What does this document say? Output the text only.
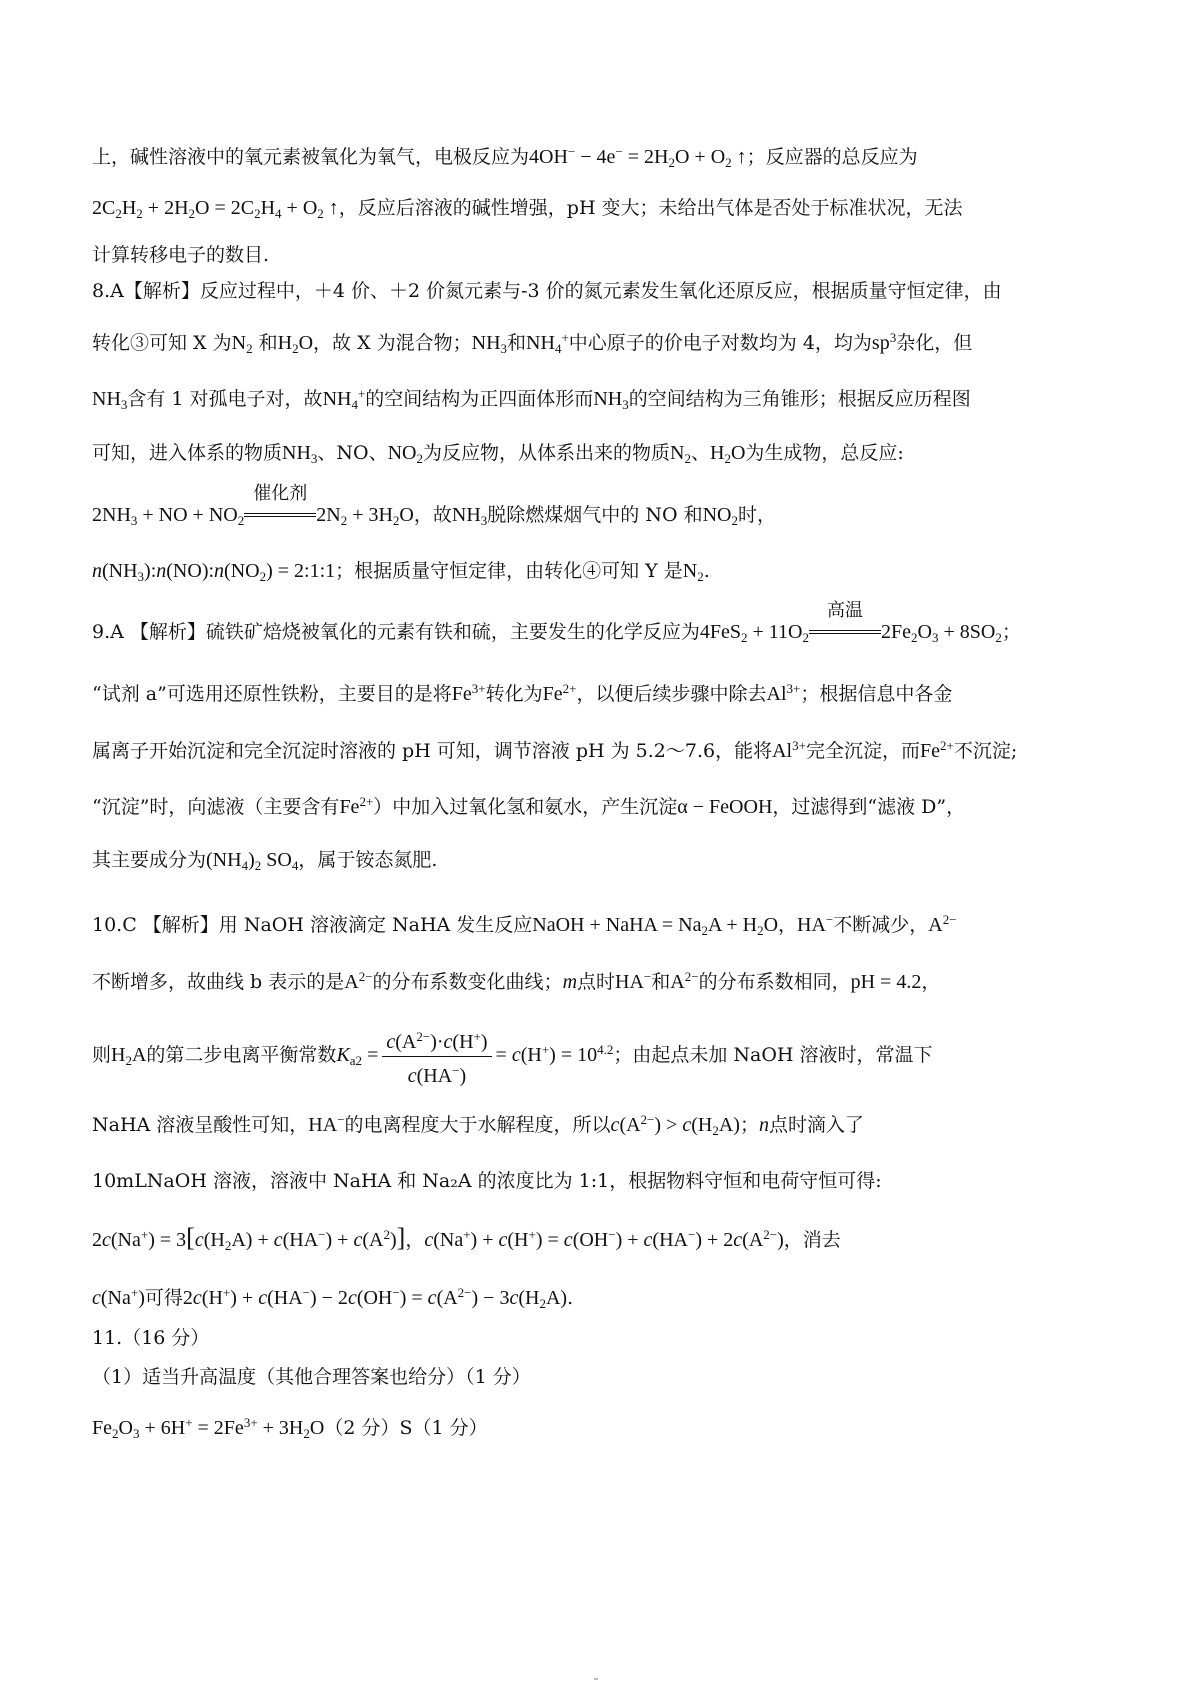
上，碱性溶液中的氧元素被氧化为氧气，电极反应为$4OH^- - 4e^- = 2H_2O + O_2$ ↑；反应器的总反应为
$2C_2H_2 + 2H_2O = 2C_2H_4 + O_2$ ↑，反应后溶液的碱性增强，pH 变大；未给出气体是否处于标准状况，无法
计算转移电子的数目.
8.A【解析】反应过程中，＋4 价、＋2 价氮元素与-3 价的氮元素发生氧化还原反应，根据质量守恒定律，由
转化③可知 X 为$N_2$ 和$H_2O$，故 X 为混合物；$NH_3$和$NH_4^+$中心原子的价电子对数均为 4，均为$sp^3$杂化，但
$NH_3$含有 1 对孤电子对，故$NH_4^+$的空间结构为正四面体形而$NH_3$的空间结构为三角锥形；根据反应历程图
可知，进入体系的物质$NH_3$、NO、$NO_2$为反应物，从体系出来的物质$N_2$、$H_2O$为生成物，总反应:
$2NH_3$ + NO + $NO_2$
催化剂
$2N_2 + 3H_2O$，故$NH_3$脱除燃煤烟气中的 NO 和$NO_2$时，
$n(NH_3):n(NO):n(NO_2)$ = 2:1:1；根据质量守恒定律，由转化④可知 Y 是$N_2$.
9.A 【解析】硫铁矿焙烧被氧化的元素有铁和硫，主要发生的化学反应为$4FeS_2 + 11O_2$
高温
$2Fe_2O_3 + 8SO_2$；
“试剂 a”可选用还原性铁粉，主要目的是将$Fe^{3+}$转化为$Fe^{2+}$，以便后续步骤中除去$Al^{3+}$；根据信息中各金
属离子开始沉淀和完全沉淀时溶液的 pH 可知，调节溶液 pH 为 5.2～7.6，能将$Al^{3+}$完全沉淀，而$Fe^{2+}$不沉淀;
“沉淀”时，向滤液（主要含有$Fe^{2+}$）中加入过氧化氢和氨水，产生沉淀α − FeOOH，过滤得到“滤液 D”，
其主要成分为$(NH_4)_2$ $SO_4$，属于铵态氮肥.
10.C 【解析】用 NaOH 溶液滴定 NaHA 发生反应NaOH + NaHA = $Na_2A + H_2O$，HA−不断减少，$A^{2-}$
不断增多，故曲线 b 表示的是$A^{2-}$的分布系数变化曲线；m点时HA−和$A^{2-}$的分布系数相同，pH = 4.2，
则$H_2A$的第二步电离平衡常数$K_{a2} = \frac{c(A^{2-})\cdot c(H^+)}{c(HA^-)} = c(H^+) = 10^{4.2}$；由起点未加 NaOH 溶液时，常温下
NaHA 溶液呈酸性可知，HA−的电离程度大于水解程度，所以$c(A^{2-}) > c(H_2A)$；n点时滴入了
10mLNaOH 溶液，溶液中 NaHA 和 Na₂A 的浓度比为 1:1，根据物料守恒和电荷守恒可得:
$2c(Na^+) = 3[c(H_2A) + c(HA^-) + c(A^2)]$，$c(Na^+) + c(H^+) = c(OH^-) + c(HA^-) + 2c(A^{2-})$，消去
c(Na+)可得$2c(H^+) + c(HA^-) - 2c(OH^-) = c(A^{2-}) - 3c(H_2A)$.
11.（16 分）
（1）适当升高温度（其他合理答案也给分）（1 分）
$Fe_2O_3 + 6H^+ = 2Fe^{3+} + 3H_2O(2$ 分）S（1 分）
